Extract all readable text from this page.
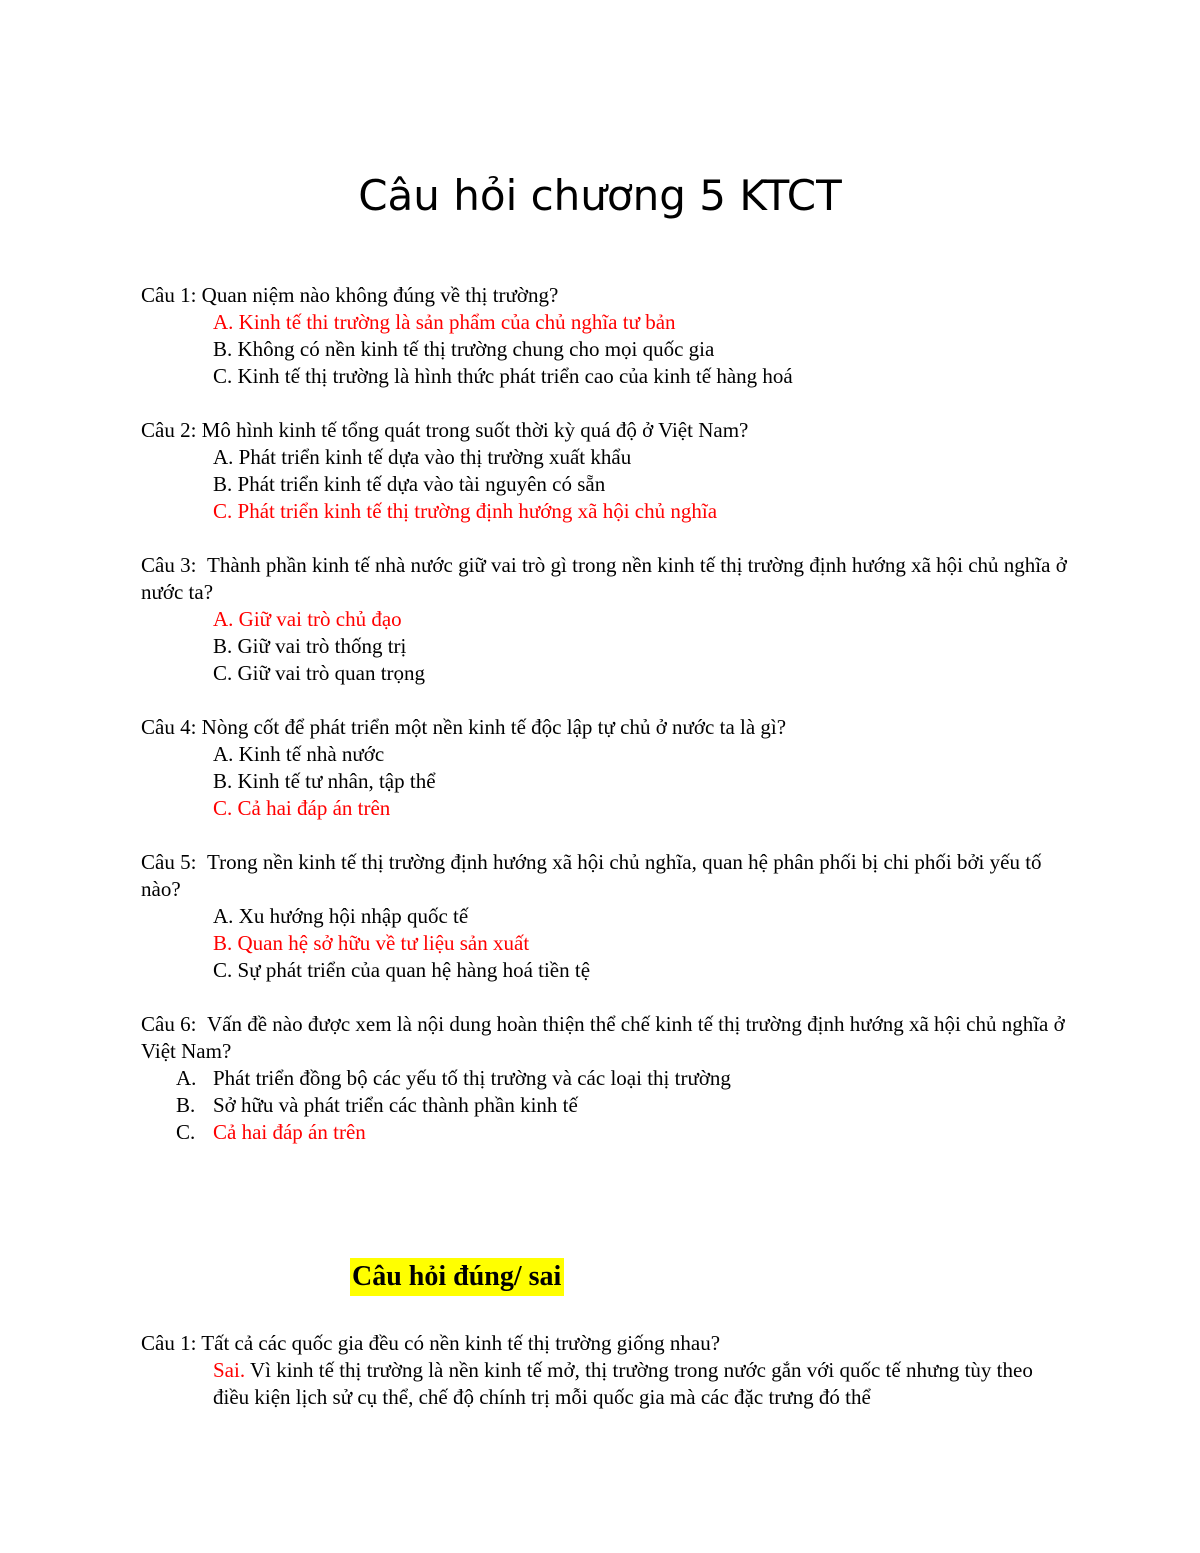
Câu hỏi chương 5 KTCT
Câu 1:
Quan niệm nào không đúng về thị trường?
A. Kinh tế thi trường là sản phẩm của chủ nghĩa tư bản
B. Không có nền kinh tế thị trường chung cho mọi quốc gia
C. Kinh tế thị trường là hình thức phát triển cao của kinh tế hàng hoá
Câu 2:
Mô hình kinh tế tổng quát trong suốt thời kỳ quá độ ở Việt Nam?
A. Phát triển kinh tế dựa vào thị trường xuất khẩu
B. Phát triển kinh tế dựa vào tài nguyên có sẵn
C. Phát triển kinh tế thị trường định hướng xã hội chủ nghĩa
Câu 3:
Thành phần kinh tế nhà nước giữ vai trò gì trong nền kinh tế thị trường định hướng xã hội chủ nghĩa ở nước ta?
A. Giữ vai trò chủ đạo
B. Giữ vai trò thống trị
C. Giữ vai trò quan trọng
Câu 4:
Nòng cốt để phát triển một nền kinh tế độc lập tự chủ ở nước ta là gì?
A. Kinh tế nhà nước
B. Kinh tế tư nhân, tập thể
C. Cả hai đáp án trên
Câu 5:
Trong nền kinh tế thị trường định hướng xã hội chủ nghĩa, quan hệ phân phối bị chi phối bởi yếu tố nào?
A. Xu hướng hội nhập quốc tế
B. Quan hệ sở hữu về tư liệu sản xuất
C. Sự phát triển của quan hệ hàng hoá tiền tệ
Câu 6:
Vấn đề nào được xem là nội dung hoàn thiện thể chế kinh tế thị trường định hướng xã hội chủ nghĩa ở Việt Nam?
A. Phát triển đồng bộ các yếu tố thị trường và các loại thị trường
B. Sở hữu và phát triển các thành phần kinh tế
C. Cả hai đáp án trên
Câu hỏi đúng/ sai
Câu 1: Tất cả các quốc gia đều có nền kinh tế thị trường giống nhau?
Sai. Vì kinh tế thị trường là nền kinh tế mở, thị trường trong nước gắn với quốc tế nhưng tùy theo điều kiện lịch sử cụ thể, chế độ chính trị mỗi quốc gia mà các đặc trưng đó thể
